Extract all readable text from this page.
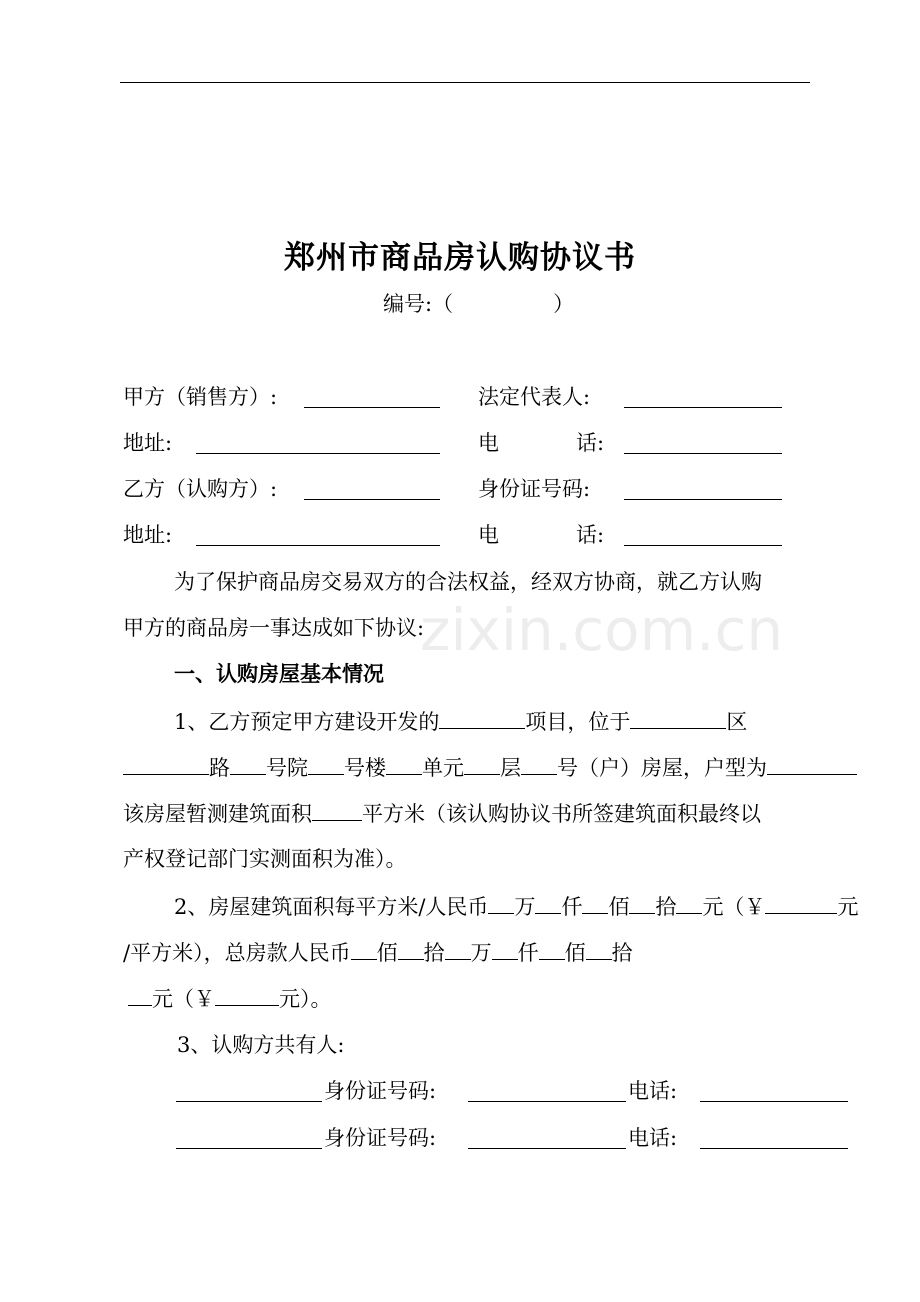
郑州市商品房认购协议书
编号:（	）
甲方（销售方）:	法定代表人:
地址:	电	话:
乙方（认购方）:	身份证号码:
地址:	电	话:
zixin.com.cn
为了保护商品房交易双方的合法权益，经双方协商，就乙方认购
甲方的商品房一事达成如下协议:
一、认购房屋基本情况
1、乙方预定甲方建设开发的	项目，位于	区
路 号院 号楼 单元 层 号（户）房屋，户型为
该房屋暂测建筑面积 平方米（该认购协议书所签建筑面积最终以
产权登记部门实测面积为准）。
2、房屋建筑面积每平方米/人民币 万 仟 佰 拾 元（￥	元
/平方米），总房款人民币 佰 拾 万 仟 佰 拾
元（￥	元）。
3、认购方共有人:
身份证号码:	电话:
身份证号码:	电话:
